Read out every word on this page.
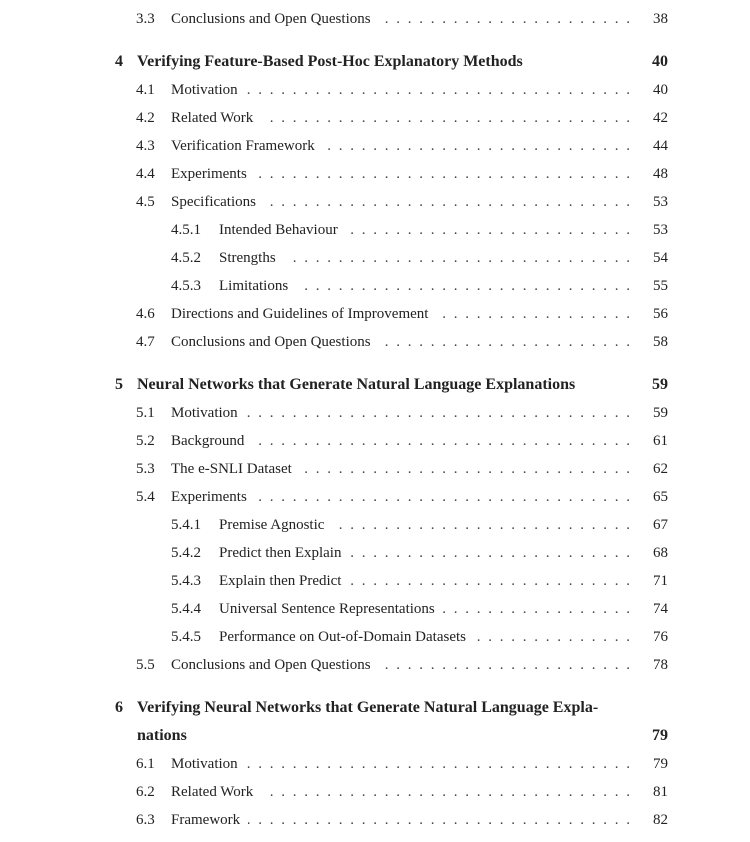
3.3 Conclusions and Open Questions	38
. . .
4 Verifying Feature-Based Post-Hoc Explanatory Methods	40
4.1 Motivation	40
. . .
4.2 Related Work	42
. . .
4.3 Verification Framework	44
. . .
4.4 Experiments	48
. . .
4.5 Specifications	53
. . .
4.5.1 Intended Behaviour	53
. . .
4.5.2 Strengths	54
. . .
4.5.3 Limitations	55
. . .
4.6 Directions and Guidelines of Improvement	56
. . .
4.7 Conclusions and Open Questions	58
. . .
5 Neural Networks that Generate Natural Language Explanations	59
5.1 Motivation	59
. . .
5.2 Background	61
. . .
5.3 The e-SNLI Dataset	62
. . .
5.4 Experiments	65
. . .
5.4.1 Premise Agnostic	67
. . .
5.4.2 Predict then Explain	68
. . .
5.4.3 Explain then Predict	71
. . .
5.4.4 Universal Sentence Representations	74
. . .
5.4.5 Performance on Out-of-Domain Datasets	76
. . .
5.5 Conclusions and Open Questions	78
. . .
6 Verifying Neural Networks that Generate Natural Language Expla-
nations	79
6.1 Motivation	79
. . .
6.2 Related Work	81
. . .
6.3 Framework	82
. . .
